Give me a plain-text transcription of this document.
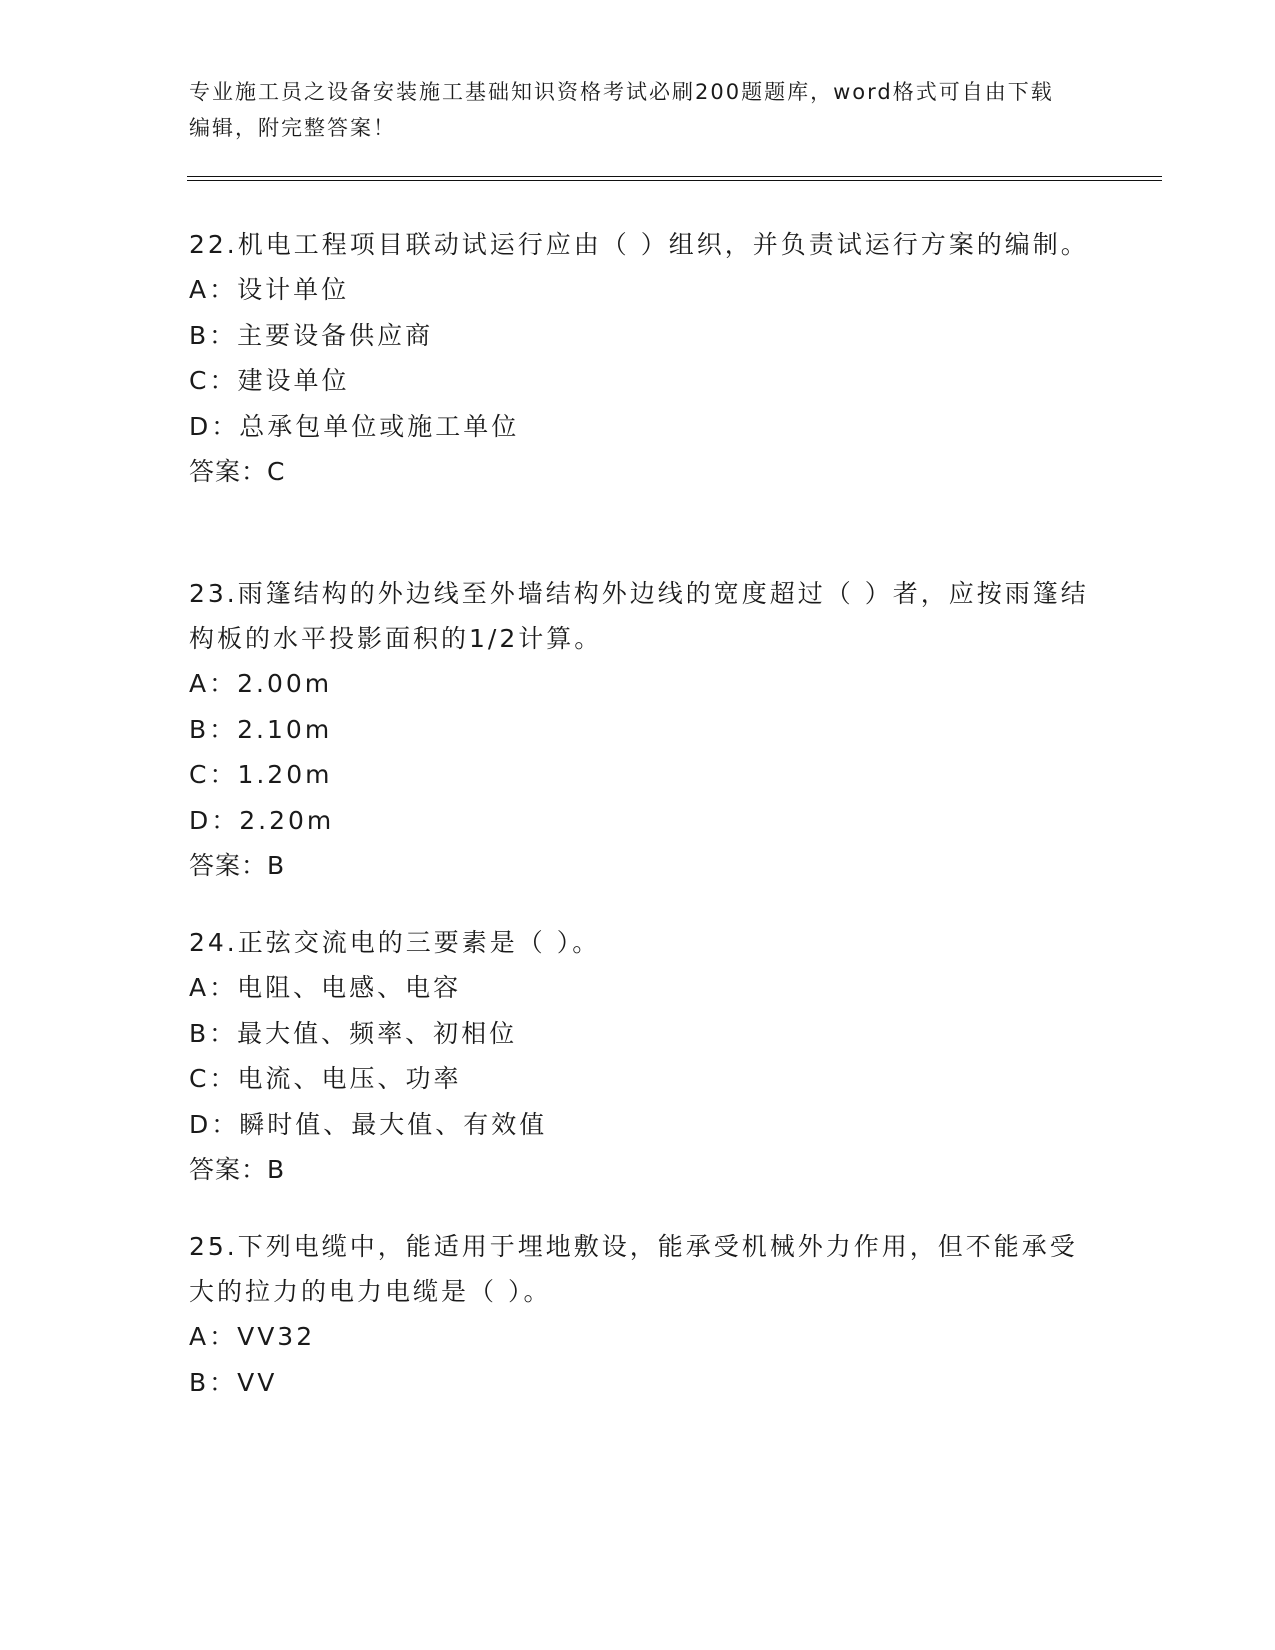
专业施工员之设备安装施工基础知识资格考试必刷200题题库，word格式可自由下载编辑，附完整答案！

22.机电工程项目联动试运行应由（ ）组织，并负责试运行方案的编制。

A：设计单位

B：主要设备供应商

C：建设单位

D：总承包单位或施工单位

答案：C

23.雨篷结构的外边线至外墙结构外边线的宽度超过（ ）者，应按雨篷结构板的水平投影面积的1/2计算。

A：2.00m

B：2.10m

C：1.20m

D：2.20m

答案：B

24.正弦交流电的三要素是（ ）。

A：电阻、电感、电容

B：最大值、频率、初相位

C：电流、电压、功率

D：瞬时值、最大值、有效值

答案：B

25.下列电缆中，能适用于埋地敷设，能承受机械外力作用，但不能承受大的拉力的电力电缆是（ ）。

A：VV32

B：VV
